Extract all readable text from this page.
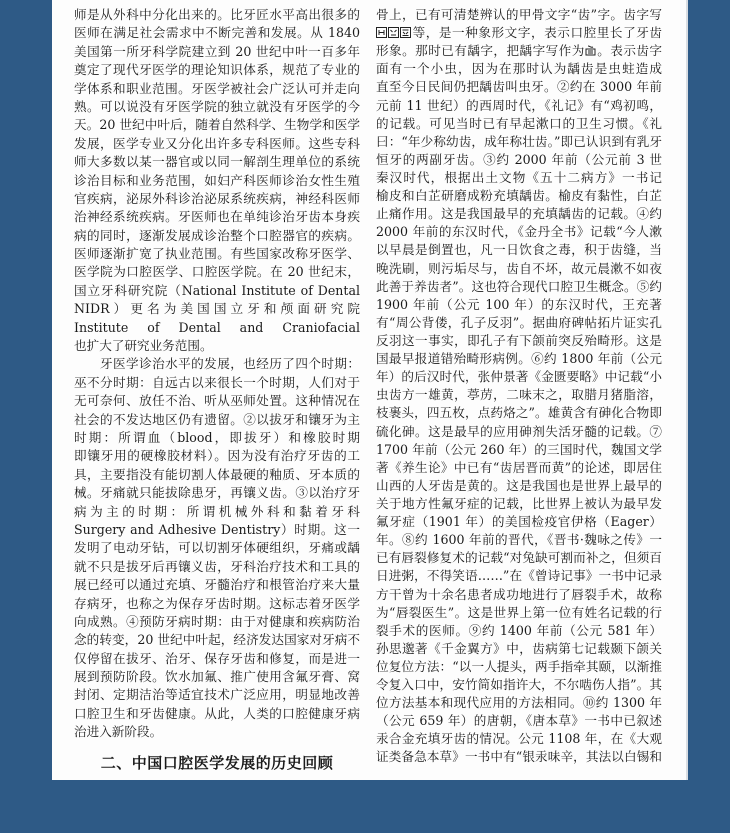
师是从外科中分化出来的。比牙匠水平高出很多的
医师在满足社会需求中不断完善和发展。从 1840
美国第一所牙科学院建立到 20 世纪中叶一百多年
奠定了现代牙医学的理论知识体系，规范了专业的
学体系和职业范围。牙医学被社会广泛认可并走向
熟。可以说没有牙医学院的独立就没有牙医学的今
天。20 世纪中叶后，随着自然科学、生物学和医学
发展，医学专业又分化出许多专科医师。这些专科
师大多数以某一器官或以同一解剖生理单位的系统
诊治目标和业务范围，如妇产科医师诊治女性生殖
官疾病，泌尿外科诊治泌尿系统疾病，神经科医师
治神经系统疾病。牙医师也在单纯诊治牙齿本身疾
病的同时，逐渐发展成诊治整个口腔器官的疾病。
医师逐渐扩宽了执业范围。有些国家改称牙医学、
医学院为口腔医学、口腔医学院。在 20 世纪末，
国立牙科研究院（National Institute of Dental
NIDR）更名为美国国立牙和颅面研究院
Institute of Dental and Craniofacial
也扩大了研究业务范围。
牙医学诊治水平的发展，也经历了四个时期：
巫不分时期：自远古以来很长一个时期，人们对于
无可奈何、放任不治、听从巫师处置。这种情况在
社会的不发达地区仍有遗留。②以拔牙和镶牙为主
时期：所谓血（blood，即拔牙）和橡胶时期
即镶牙用的硬橡胶材料）。因为没有治疗牙齿的工
具，主要指没有能切割人体最硬的釉质、牙本质的
械。牙痛就只能拔除患牙，再镶义齿。③以治疗牙
病为主的时期：所谓机械外科和黏着牙科
Surgery and Adhesive Dentistry）时期。这一
发明了电动牙钻，可以切割牙体硬组织，牙痛或龋
就不只是拔牙后再镶义齿，牙科治疗技术和工具的
展已经可以通过充填、牙髓治疗和根管治疗来大量
存病牙，也称之为保存牙齿时期。这标志着牙医学
向成熟。④预防牙病时期：由于对健康和疾病防治
念的转变，20 世纪中叶起，经济发达国家对牙病不
仅停留在拔牙、治牙、保存牙齿和修复，而是进一
展到预防阶段。饮水加氟、推广使用含氟牙膏、窝
封闭、定期洁治等适宜技术广泛应用，明显地改善
口腔卫生和牙齿健康。从此，人类的口腔健康牙病
治进入新阶段。
二、中国口腔医学发展的历史回顾
骨上，已有可清楚辨认的甲骨文字“齿”字。齿字写
等，是一种象形文字，表示口腔里长了牙齿
形象。那时已有龋字，把龋字写作为 。表示齿字
面有一个小虫，因为在那时认为龋齿是虫蛀造成
直至今日民间仍把龋齿叫虫牙。②约在 3000 年前
元前 11 世纪）的西周时代，《礼记》有“鸡初鸣，
的记载。可见当时已有早起漱口的卫生习惯。《礼
曰：“年少称幼齿，成年称壮齿。”即已认识到有乳牙
恒牙的两副牙齿。③约 2000 年前（公元前 3 世
秦汉时代，根据出土文物《五十二病方》一书记
榆皮和白芷研磨成粉充填龋齿。榆皮有黏性，白芷
止痛作用。这是我国最早的充填龋齿的记载。④约
2000 年前的东汉时代，《金丹全书》记载“今人漱
以早晨是倒置也，凡一日饮食之毒，积于齿缝，当
晚洗刷，则污垢尽与，齿自不坏，故元晨漱不如夜
此善于养齿者”。这也符合现代口腔卫生概念。⑤约
1900 年前（公元 100 年）的东汉时代，王充著
有“周公背偻，孔子反羽”。据曲府碑帖拓片证实孔
反羽这一事实，即孔子有下颌前突反殆畸形。这是
国最早报道错殆畸形病例。⑥约 1800 年前（公元
年）的后汉时代，张仲景著《金匮要略》中记载“小
虫齿方一雄黄，葶苈，二味末之，取腊月猪脂溶，
枝裹头，四五枚，点药烙之”。雄黄含有砷化合物即
硫化砷。这是最早的应用砷剂失活牙髓的记载。⑦
1700 年前（公元 260 年）的三国时代，魏国文学
著《养生论》中已有“齿居晋而黄”的论述，即居住
山西的人牙齿是黄的。这是我国也是世界上最早的
关于地方性氟牙症的记载，比世界上被认为最早发
氟牙症（1901 年）的美国检疫官伊格（Eager）
年。⑧约 1600 年前的晋代，《晋书·魏咏之传》一
已有唇裂修复术的记载“对兔缺可割而补之，但须百
日进粥，不得笑语……”在《曾诗记事》一书中记录
方干曾为十余名患者成功地进行了唇裂手术，故称
为“唇裂医生”。这是世界上第一位有姓名记载的行
裂手术的医师。⑨约 1400 年前（公元 581 年）
孙思邈著《千金翼方》中，齿病第七记载颞下颌关
位复位方法：“以一人提头，两手指牵其颐，以渐推
令复入口中，安竹简如指许大，不尔啮伤人指”。其
位方法基本和现代应用的方法相同。⑩约 1300 年
（公元 659 年）的唐朝，《唐本草》一书中已叙述
汞合金充填牙齿的情况。公元 1108 年，在《大观
证类备急本草》一书中有“银汞味辛，其法以白锡和
